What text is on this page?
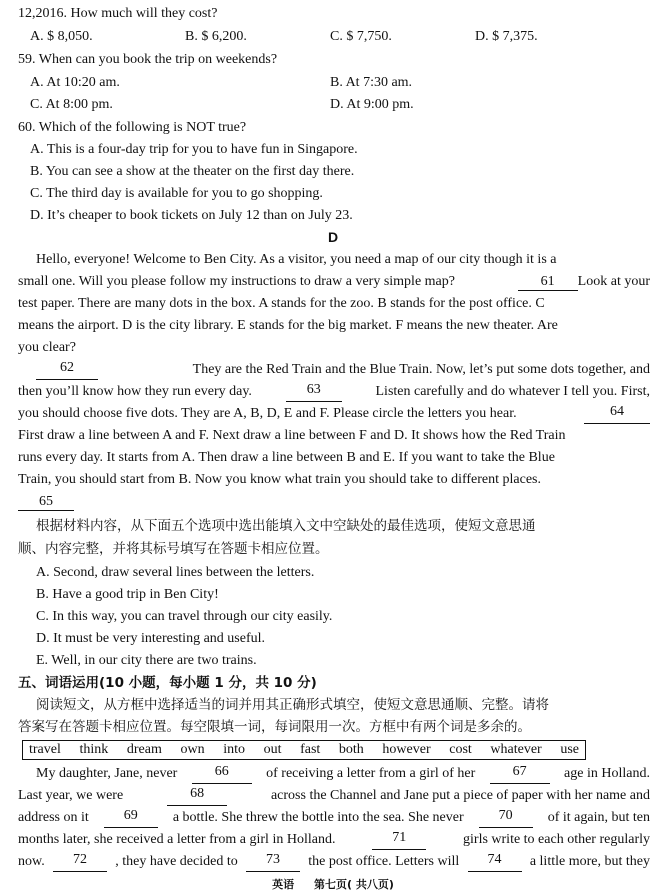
12,2016. How much will they cost?
A. $ 8,050.	B. $ 6,200.	C. $ 7,750.	D. $ 7,375.
59. When can you book the trip on weekends?
A. At 10:20 am.	B. At 7:30 am.
C. At 8:00 pm.	D. At 9:00 pm.
60. Which of the following is NOT true?
A. This is a four-day trip for you to have fun in Singapore.
B. You can see a show at the theater on the first day there.
C. The third day is available for you to go shopping.
D. It’s cheaper to book tickets on July 12 than on July 23.
D
Hello, everyone! Welcome to Ben City. As a visitor, you need a map of our city though it is a
small one. Will you please follow my instructions to draw a very simple map?	61 Look at your
test paper. There are many dots in the box. A stands for the zoo. B stands for the post office. C
means the airport. D is the city library. E stands for the big market. F means the new theater. Are
you clear?
62	They are the Red Train and the Blue Train. Now, let’s put some dots together, and
then you’ll know how they run every day.	63	Listen carefully and do whatever I tell you. First,
you should choose five dots. They are A, B, D, E and F. Please circle the letters you hear.	64
First draw a line between A and F. Next draw a line between F and D. It shows how the Red Train
runs every day. It starts from A. Then draw a line between B and E. If you want to take the Blue
Train, you should start from B. Now you know what train you should take to different places.
65
根据材料内容，从下面五个选项中选出能填入文中空缺处的最佳选项，使短文意思通
顺、内容完整，并将其标号填写在答题卡相应位置。
A. Second, draw several lines between the letters.
B. Have a good trip in Ben City!
C. In this way, you can travel through our city easily.
D. It must be very interesting and useful.
E. Well, in our city there are two trains.
五、词语运用(10 小题，每小题 1 分，共 10 分)
阅读短文，从方框中选择适当的词并用其正确形式填空，使短文意思通顺、完整。请将
travel think dream own into out fast both however cost whatever use
答案写在答题卡相应位置。每空限填一词，每词限用一次。方框中有两个词是多余的。
My daughter, Jane, never	66	of receiving a letter from a girl of her	67	age in Holland.
Last year, we were	68	across the Channel and Jane put a piece of paper with her name and
address on it	69	a bottle. She threw the bottle into the sea. She never	70	of it again, but ten
months later, she received a letter from a girl in Holland.	71	girls write to each other regularly
now.	72	, they have decided to	73	the post office. Letters will	74	a little more, but they
英语 第七页( 共八页)
